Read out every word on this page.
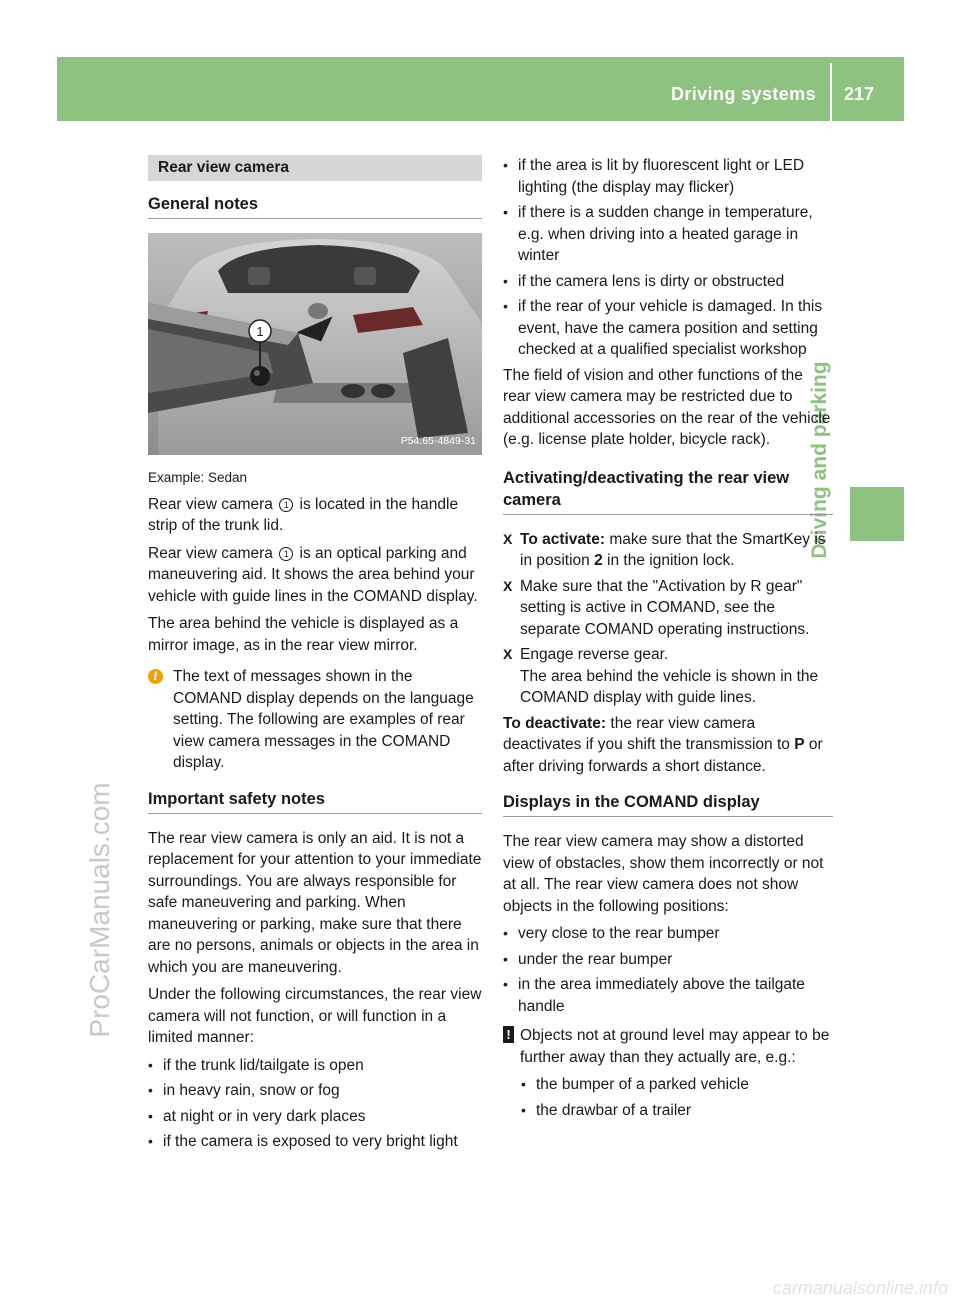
Driving systems 217
Driving and parking
ProCarManuals.com
carmanualsonline.info
Rear view camera
General notes
1
P54.65-4849-31
Example: Sedan

Rear view camera 1 is located in the handle strip of the trunk lid.

Rear view camera 1 is an optical parking and maneuvering aid. It shows the area behind your vehicle with guide lines in the COMAND display.

The area behind the vehicle is displayed as a mirror image, as in the rear view mirror.

i The text of messages shown in the COMAND display depends on the language setting. The following are examples of rear view camera messages in the COMAND display.
Important safety notes

The rear view camera is only an aid. It is not a replacement for your attention to your immediate surroundings. You are always responsible for safe maneuvering and parking. When maneuvering or parking, make sure that there are no persons, animals or objects in the area in which you are maneuvering.

Under the following circumstances, the rear view camera will not function, or will function in a limited manner:

• if the trunk lid/tailgate is open
• in heavy rain, snow or fog
• at night or in very dark places
• if the camera is exposed to very bright light
• if the area is lit by fluorescent light or LED lighting (the display may flicker)
• if there is a sudden change in temperature, e.g. when driving into a heated garage in winter
• if the camera lens is dirty or obstructed
• if the rear of your vehicle is damaged. In this event, have the camera position and setting checked at a qualified specialist workshop

The field of vision and other functions of the rear view camera may be restricted due to additional accessories on the rear of the vehicle (e.g. license plate holder, bicycle rack).

Activating/deactivating the rear view camera
X To activate: make sure that the SmartKey is in position 2 in the ignition lock.
X Make sure that the "Activation by R gear" setting is active in COMAND, see the separate COMAND operating instructions.
X Engage reverse gear.
The area behind the vehicle is shown in the COMAND display with guide lines.

To deactivate: the rear view camera deactivates if you shift the transmission to P or after driving forwards a short distance.

Displays in the COMAND display

The rear view camera may show a distorted view of obstacles, show them incorrectly or not at all. The rear view camera does not show objects in the following positions:

• very close to the rear bumper
• under the rear bumper
• in the area immediately above the tailgate handle
! Objects not at ground level may appear to be further away than they actually are, e.g.:
• the bumper of a parked vehicle
• the drawbar of a trailer
